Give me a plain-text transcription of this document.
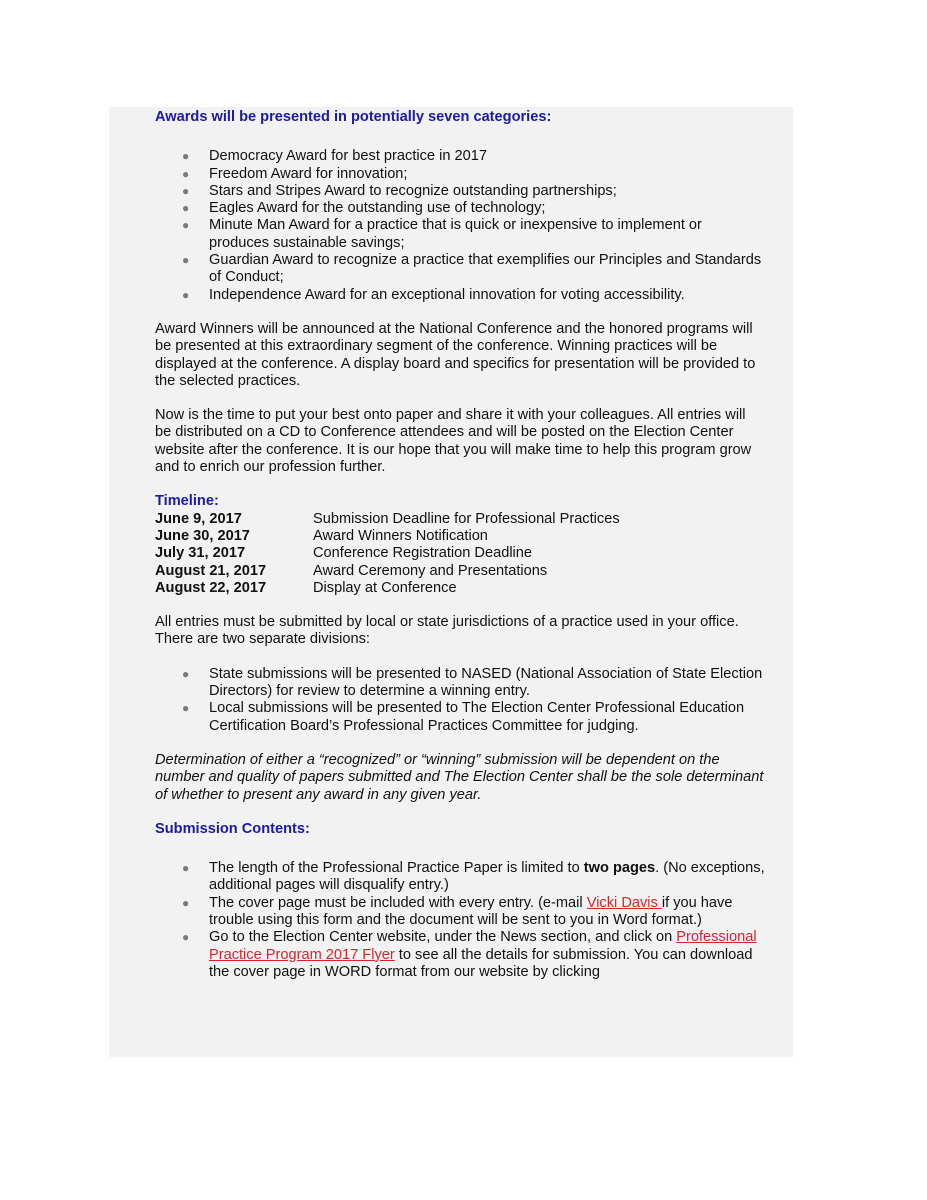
Awards will be presented in potentially seven categories:

● Democracy Award for best practice in 2017
● Freedom Award for innovation;
● Stars and Stripes Award to recognize outstanding partnerships;
● Eagles Award for the outstanding use of technology;
● Minute Man Award for a practice that is quick or inexpensive to implement or produces sustainable savings;
● Guardian Award to recognize a practice that exemplifies our Principles and Standards of Conduct;
● Independence Award for an exceptional innovation for voting accessibility.

Award Winners will be announced at the National Conference and the honored programs will be presented at this extraordinary segment of the conference. Winning practices will be displayed at the conference. A display board and specifics for presentation will be provided to the selected practices.

Now is the time to put your best onto paper and share it with your colleagues. All entries will be distributed on a CD to Conference attendees and will be posted on the Election Center website after the conference. It is our hope that you will make time to help this program grow and to enrich our profession further.

Timeline:

June 9, 2017	Submission Deadline for Professional Practices
June 30, 2017	Award Winners Notification
July 31, 2017	Conference Registration Deadline
August 21, 2017	Award Ceremony and Presentations
August 22, 2017	Display at Conference

All entries must be submitted by local or state jurisdictions of a practice used in your office. There are two separate divisions:

● State submissions will be presented to NASED (National Association of State Election Directors) for review to determine a winning entry.
● Local submissions will be presented to The Election Center Professional Education Certification Board’s Professional Practices Committee for judging.

Determination of either a “recognized” or “winning” submission will be dependent on the number and quality of papers submitted and The Election Center shall be the sole determinant of whether to present any award in any given year.

Submission Contents:

● The length of the Professional Practice Paper is limited to two pages. (No exceptions, additional pages will disqualify entry.)
● The cover page must be included with every entry. (e-mail Vicki Davis if you have trouble using this form and the document will be sent to you in Word format.)
● Go to the Election Center website, under the News section, and click on Professional Practice Program 2017 Flyer to see all the details for submission. You can download the cover page in WORD format from our website by clicking
